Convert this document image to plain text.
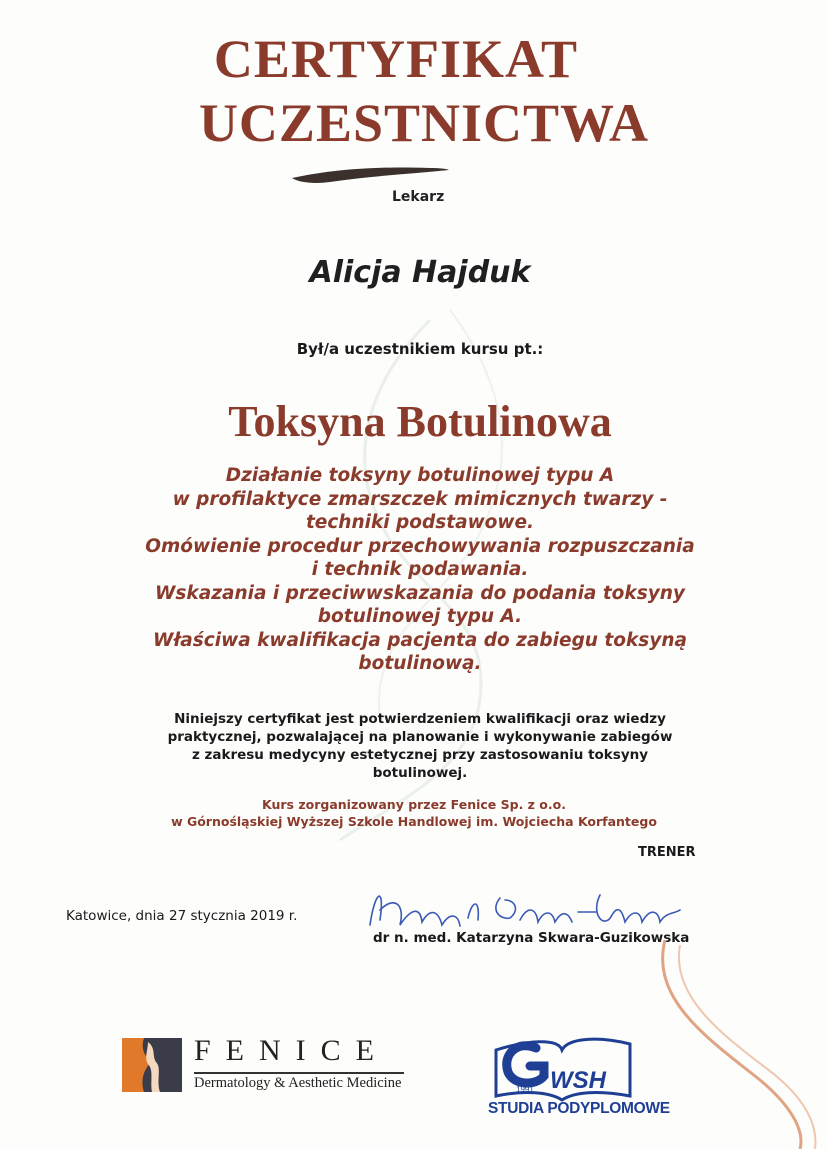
CERTYFIKAT
UCZESTNICTWA
Lekarz
Alicja Hajduk
Był/a uczestnikiem kursu pt.:
Toksyna Botulinowa
Działanie toksyny botulinowej typu A
w profilaktyce zmarszczek mimicznych twarzy -
techniki podstawowe.
Omówienie procedur przechowywania rozpuszczania
i technik podawania.
Wskazania i przeciwwskazania do podania toksyny
botulinowej typu A.
Właściwa kwalifikacja pacjenta do zabiegu toksyną
botulinową.
Niniejszy certyfikat jest potwierdzeniem kwalifikacji oraz wiedzy
praktycznej, pozwalającej na planowanie i wykonywanie zabiegów
z zakresu medycyny estetycznej przy zastosowaniu toksyny
botulinowej.
Kurs zorganizowany przez Fenice Sp. z o.o.
w Górnośląskiej Wyższej Szkole Handlowej im. Wojciecha Korfantego
TRENER
Katowice, dnia 27 stycznia 2019 r.
dr n. med. Katarzyna Skwara-Guzikowska
FENICE
Dermatology & Aesthetic Medicine	WSH
1991
STUDIA PODYPLOMOWE
